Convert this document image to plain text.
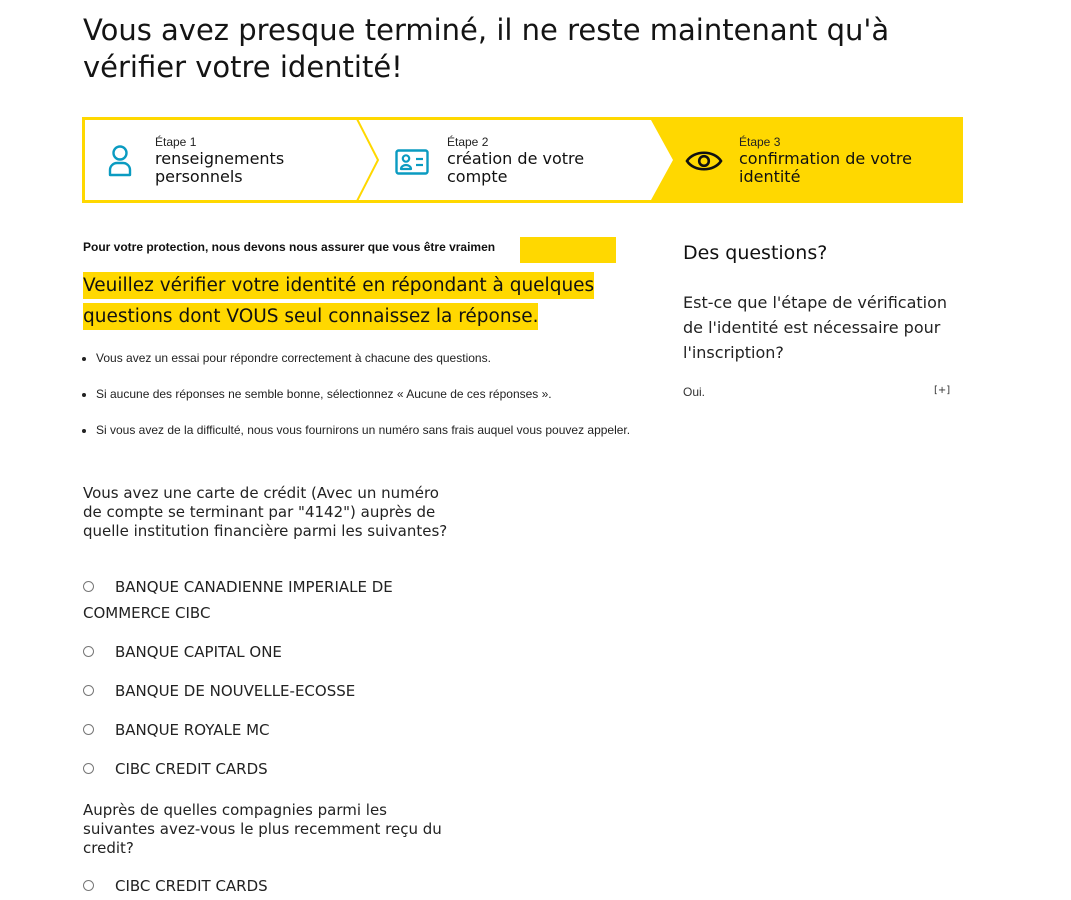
Vous avez presque terminé, il ne reste maintenant qu'à vérifier votre identité!
Étape 1
renseignements personnels
Étape 2
création de votre compte
Étape 3
confirmation de votre identité
Pour votre protection, nous devons nous assurer que vous être vraimen
Veuillez vérifier votre identité en répondant à quelques questions dont VOUS seul connaissez la réponse.
• Vous avez un essai pour répondre correctement à chacune des questions.
• Si aucune des réponses ne semble bonne, sélectionnez « Aucune de ces réponses ».
• Si vous avez de la difficulté, nous vous fournirons un numéro sans frais auquel vous pouvez appeler.
Vous avez une carte de crédit (Avec un numéro de compte se terminant par "4142") auprès de quelle institution financière parmi les suivantes?
BANQUE CANADIENNE IMPERIALE DE COMMERCE CIBC
BANQUE CAPITAL ONE
BANQUE DE NOUVELLE-ECOSSE
BANQUE ROYALE MC
CIBC CREDIT CARDS
Auprès de quelles compagnies parmi les suivantes avez-vous le plus recemment reçu du credit?
CIBC CREDIT CARDS
Des questions?
Est-ce que l'étape de vérification de l'identité est nécessaire pour l'inscription?
Oui.	[+]
